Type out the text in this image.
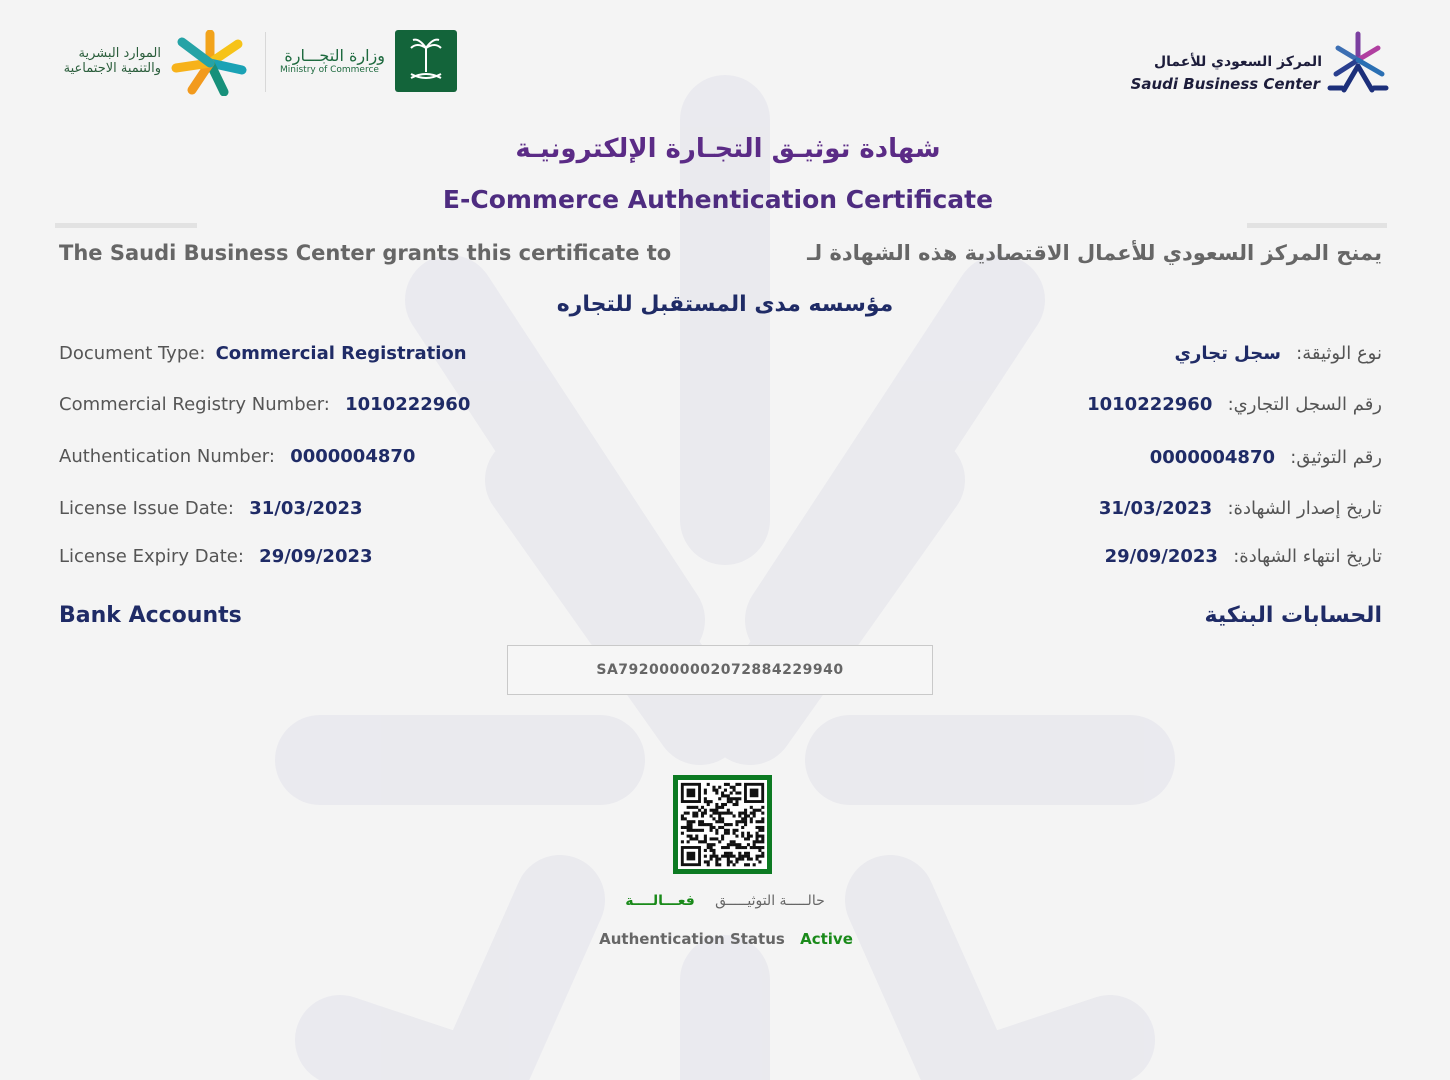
الموارد البشرية
والتنمية الاجتماعية
وزارة التجـــارة
Ministry of Commerce	المركز السعودي للأعمال
Saudi Business Center
شهادة توثيـق التجـارة الإلكترونيـة
E-Commerce Authentication Certificate
The Saudi Business Center grants this certificate to	يمنح المركز السعودي للأعمال الاقتصادية هذه الشهادة لـ
مؤسسه مدى المستقبل للتجاره
Document Type: Commercial Registration
Commercial Registry Number: 1010222960
Authentication Number: 0000004870
License Issue Date: 31/03/2023
License Expiry Date: 29/09/2023
نوع الوثيقة:   سجل تجاري
رقم السجل التجاري:   1010222960
رقم التوثيق:   0000004870
تاريخ إصدار الشهادة:   31/03/2023
تاريخ انتهاء الشهادة:   29/09/2023
Bank Accounts	الحسابات البنكية
SA7920000002072884229940
حالـــــة التوثيـــــق    فعـــالــــة
Authentication Status Active
